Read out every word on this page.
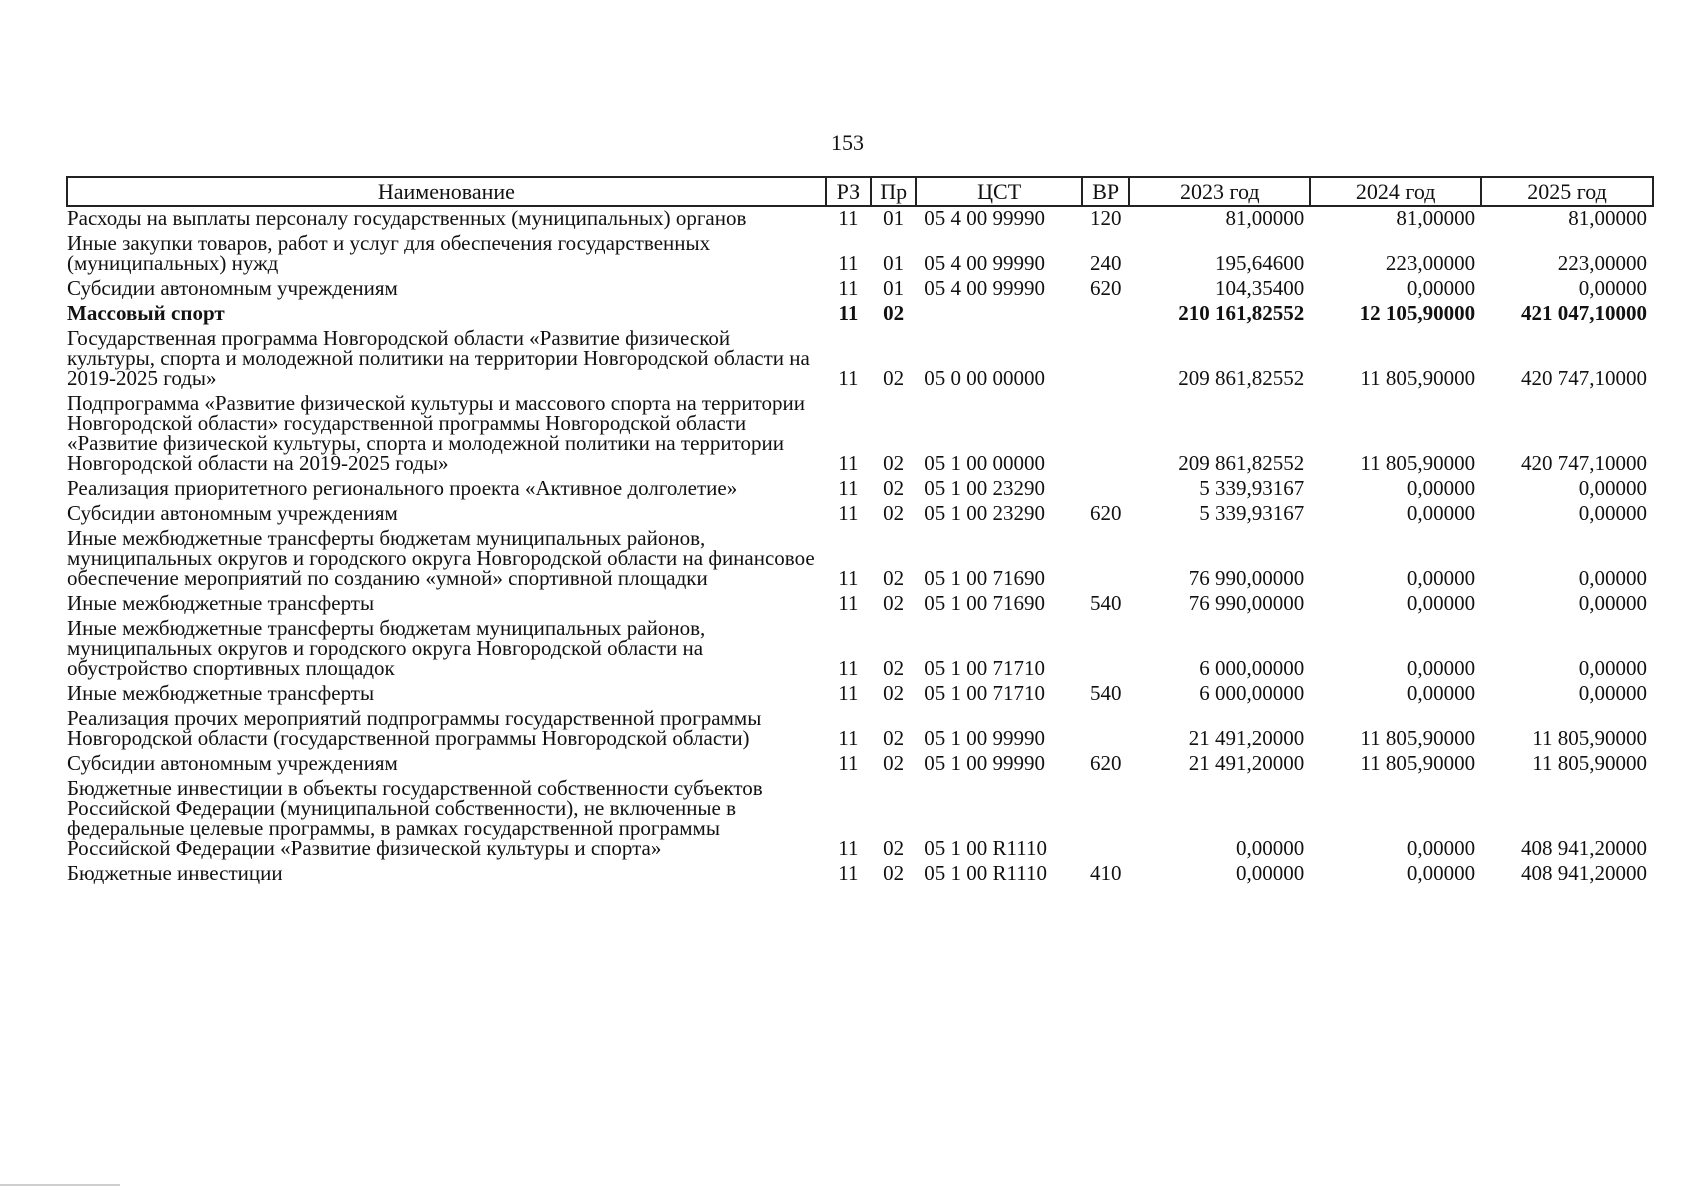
153
Наименование	РЗ	Пр	ЦСТ	ВР	2023 год	2024 год	2025 год
Расходы на выплаты персоналу государственных (муниципальных) органов	11	01	05 4 00 99990	120	81,00000	81,00000	81,00000
Иные закупки товаров, работ и услуг для обеспечения государственных (муниципальных) нужд	11	01	05 4 00 99990	240	195,64600	223,00000	223,00000
Субсидии автономным учреждениям	11	01	05 4 00 99990	620	104,35400	0,00000	0,00000
Массовый спорт	11	02			210 161,82552	12 105,90000	421 047,10000
Государственная программа Новгородской области «Развитие физической культуры, спорта и молодежной политики на территории Новгородской области на 2019-2025 годы»	11	02	05 0 00 00000		209 861,82552	11 805,90000	420 747,10000
Подпрограмма «Развитие физической культуры и массового спорта на территории Новгородской области» государственной программы Новгородской области «Развитие физической культуры, спорта и молодежной политики на территории Новгородской области на 2019-2025 годы»	11	02	05 1 00 00000		209 861,82552	11 805,90000	420 747,10000
Реализация приоритетного регионального проекта «Активное долголетие»	11	02	05 1 00 23290		5 339,93167	0,00000	0,00000
Субсидии автономным учреждениям	11	02	05 1 00 23290	620	5 339,93167	0,00000	0,00000
Иные межбюджетные трансферты бюджетам муниципальных районов, муниципальных округов и городского округа Новгородской области на финансовое обеспечение мероприятий по созданию «умной» спортивной площадки	11	02	05 1 00 71690		76 990,00000	0,00000	0,00000
Иные межбюджетные трансферты	11	02	05 1 00 71690	540	76 990,00000	0,00000	0,00000
Иные межбюджетные трансферты бюджетам муниципальных районов, муниципальных округов и городского округа Новгородской области на обустройство спортивных площадок	11	02	05 1 00 71710		6 000,00000	0,00000	0,00000
Иные межбюджетные трансферты	11	02	05 1 00 71710	540	6 000,00000	0,00000	0,00000
Реализация прочих мероприятий подпрограммы государственной программы Новгородской области (государственной программы Новгородской области)	11	02	05 1 00 99990		21 491,20000	11 805,90000	11 805,90000
Субсидии автономным учреждениям	11	02	05 1 00 99990	620	21 491,20000	11 805,90000	11 805,90000
Бюджетные инвестиции в объекты государственной собственности субъектов Российской Федерации (муниципальной собственности), не включенные в федеральные целевые программы, в рамках государственной программы Российской Федерации «Развитие физической культуры и спорта»	11	02	05 1 00 R1110		0,00000	0,00000	408 941,20000
Бюджетные инвестиции	11	02	05 1 00 R1110	410	0,00000	0,00000	408 941,20000
